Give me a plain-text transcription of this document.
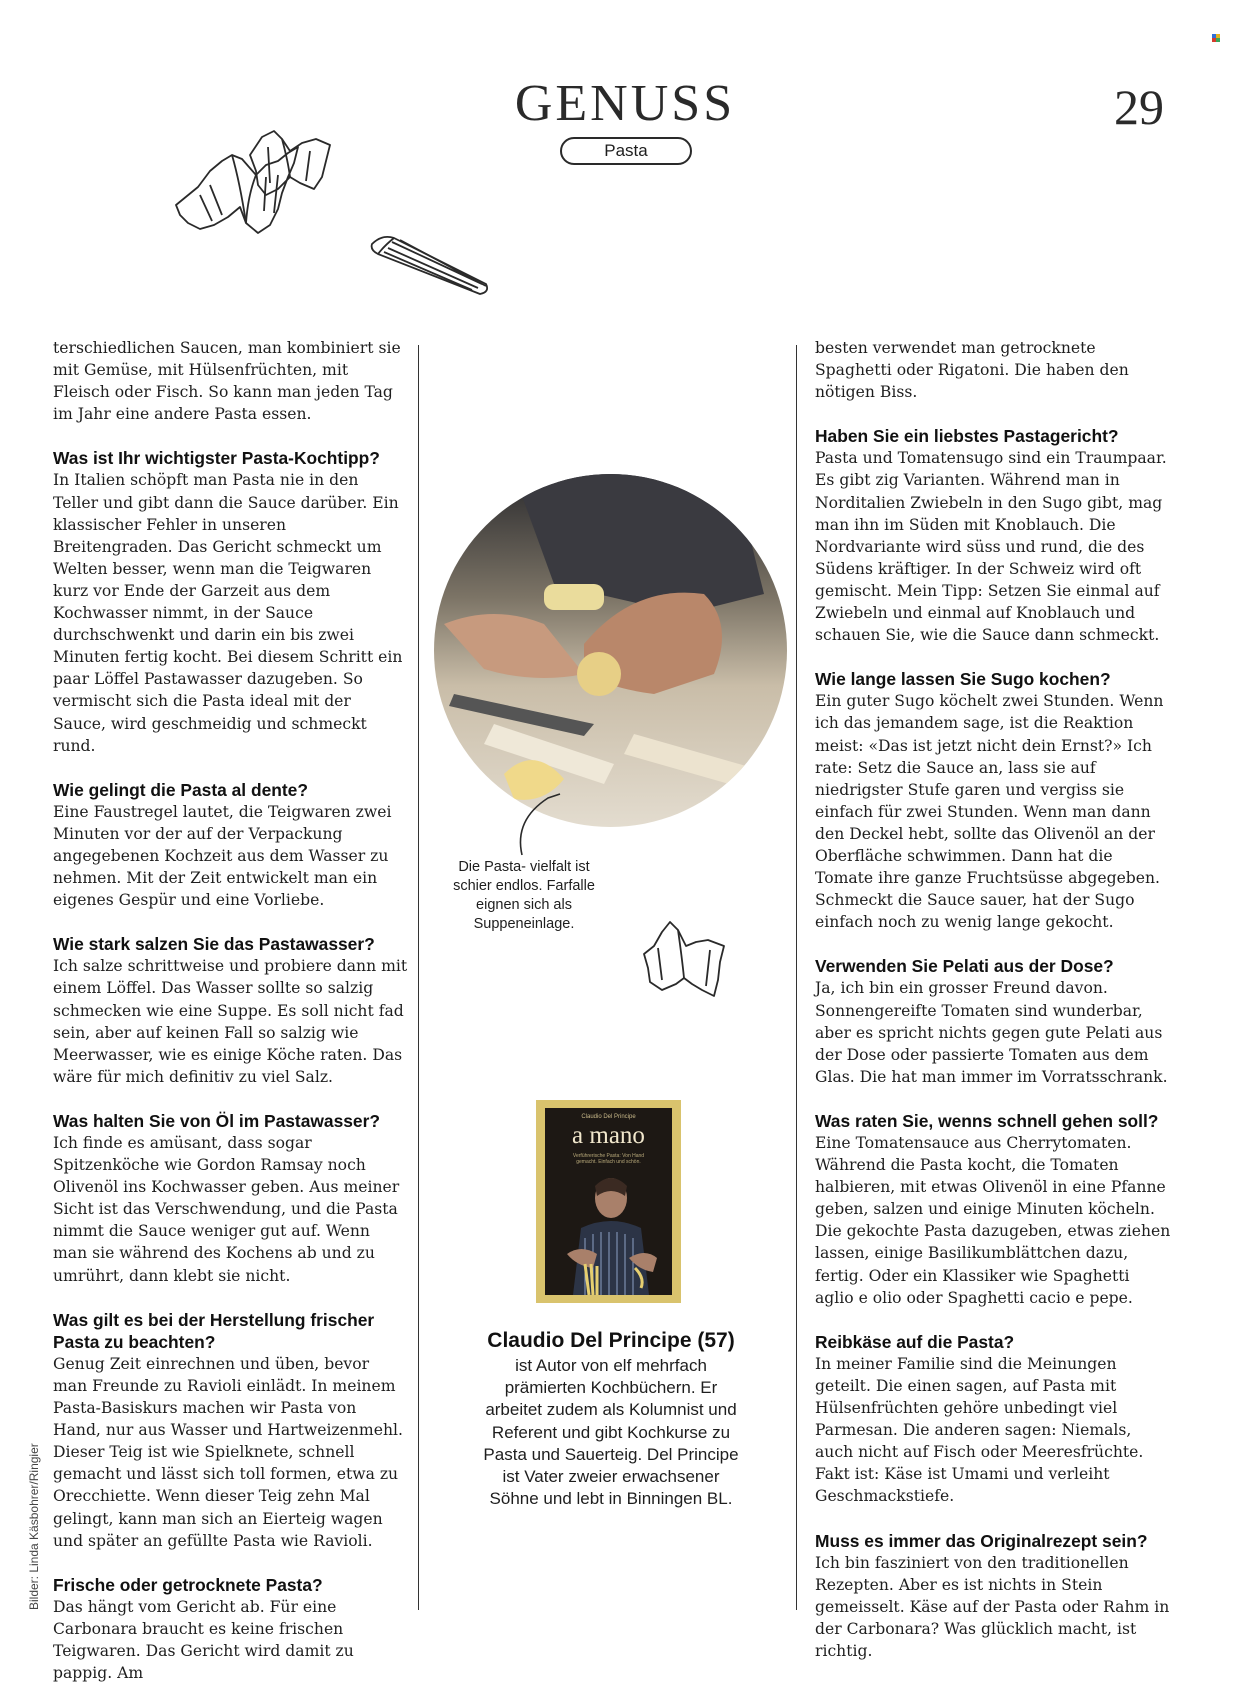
GENUSS
Pasta
29

terschiedlichen Saucen, man kombiniert sie mit Gemüse, mit Hülsenfrüchten, mit Fleisch oder Fisch. So kann man jeden Tag im Jahr eine andere Pasta essen.

Was ist Ihr wichtigster Pasta-Kochtipp?
In Italien schöpft man Pasta nie in den Teller und gibt dann die Sauce darüber. Ein klassischer Fehler in unseren Breitengraden. Das Gericht schmeckt um Welten besser, wenn man die Teigwaren kurz vor Ende der Garzeit aus dem Kochwasser nimmt, in der Sauce durchschwenkt und darin ein bis zwei Minuten fertig kocht. Bei diesem Schritt ein paar Löffel Pastawasser dazugeben. So vermischt sich die Pasta ideal mit der Sauce, wird geschmeidig und schmeckt rund.

Wie gelingt die Pasta al dente?
Eine Faustregel lautet, die Teigwaren zwei Minuten vor der auf der Verpackung angegebenen Kochzeit aus dem Wasser zu nehmen. Mit der Zeit entwickelt man ein eigenes Gespür und eine Vorliebe.

Wie stark salzen Sie das Pastawasser?
Ich salze schrittweise und probiere dann mit einem Löffel. Das Wasser sollte so salzig schmecken wie eine Suppe. Es soll nicht fad sein, aber auf keinen Fall so salzig wie Meerwasser, wie es einige Köche raten. Das wäre für mich definitiv zu viel Salz.

Was halten Sie von Öl im Pastawasser?
Ich finde es amüsant, dass sogar Spitzenköche wie Gordon Ramsay noch Olivenöl ins Kochwasser geben. Aus meiner Sicht ist das Verschwendung, und die Pasta nimmt die Sauce weniger gut auf. Wenn man sie während des Kochens ab und zu umrührt, dann klebt sie nicht.

Was gilt es bei der Herstellung frischer Pasta zu beachten?
Genug Zeit einrechnen und üben, bevor man Freunde zu Ravioli einlädt. In meinem Pasta-Basiskurs machen wir Pasta von Hand, nur aus Wasser und Hartweizenmehl. Dieser Teig ist wie Spielknete, schnell gemacht und lässt sich toll formen, etwa zu Orecchiette. Wenn dieser Teig zehn Mal gelingt, kann man sich an Eierteig wagen und später an gefüllte Pasta wie Ravioli.

Frische oder getrocknete Pasta?
Das hängt vom Gericht ab. Für eine Carbonara braucht es keine frischen Teigwaren. Das Gericht wird damit zu pappig. Am

Die Pasta- vielfalt ist schier endlos. Farfalle eignen sich als Suppeneinlage.
Claudio Del Principe
a mano
Verführerische Pasta: Von Hand gemacht. Einfach und schön.
Claudio Del Principe (57)
ist Autor von elf mehrfach prämierten Kochbüchern. Er arbeitet zudem als Kolumnist und Referent und gibt Kochkurse zu Pasta und Sauerteig. Del Principe ist Vater zweier erwachsener Söhne und lebt in Binningen BL.

besten verwendet man getrocknete Spaghetti oder Rigatoni. Die haben den nötigen Biss.

Haben Sie ein liebstes Pastagericht?
Pasta und Tomatensugo sind ein Traumpaar. Es gibt zig Varianten. Während man in Norditalien Zwiebeln in den Sugo gibt, mag man ihn im Süden mit Knoblauch. Die Nordvariante wird süss und rund, die des Südens kräftiger. In der Schweiz wird oft gemischt. Mein Tipp: Setzen Sie einmal auf Zwiebeln und einmal auf Knoblauch und schauen Sie, wie die Sauce dann schmeckt.

Wie lange lassen Sie Sugo kochen?
Ein guter Sugo köchelt zwei Stunden. Wenn ich das jemandem sage, ist die Reaktion meist: «Das ist jetzt nicht dein Ernst?» Ich rate: Setz die Sauce an, lass sie auf niedrigster Stufe garen und vergiss sie einfach für zwei Stunden. Wenn man dann den Deckel hebt, sollte das Olivenöl an der Oberfläche schwimmen. Dann hat die Tomate ihre ganze Fruchtsüsse abgegeben. Schmeckt die Sauce sauer, hat der Sugo einfach noch zu wenig lange gekocht.

Verwenden Sie Pelati aus der Dose?
Ja, ich bin ein grosser Freund davon. Sonnengereifte Tomaten sind wunderbar, aber es spricht nichts gegen gute Pelati aus der Dose oder passierte Tomaten aus dem Glas. Die hat man immer im Vorratsschrank.

Was raten Sie, wenns schnell gehen soll?
Eine Tomatensauce aus Cherrytomaten. Während die Pasta kocht, die Tomaten halbieren, mit etwas Olivenöl in eine Pfanne geben, salzen und einige Minuten köcheln. Die gekochte Pasta dazugeben, etwas ziehen lassen, einige Basilikumblättchen dazu, fertig. Oder ein Klassiker wie Spaghetti aglio e olio oder Spaghetti cacio e pepe.

Reibkäse auf die Pasta?
In meiner Familie sind die Meinungen geteilt. Die einen sagen, auf Pasta mit Hülsenfrüchten gehöre unbedingt viel Parmesan. Die anderen sagen: Niemals, auch nicht auf Fisch oder Meeresfrüchte. Fakt ist: Käse ist Umami und verleiht Geschmackstiefe.

Muss es immer das Originalrezept sein?
Ich bin fasziniert von den traditionellen Rezepten. Aber es ist nichts in Stein gemeisselt. Käse auf der Pasta oder Rahm in der Carbonara? Was glücklich macht, ist richtig.

Bilder: Linda Käsbohrer/Ringier
